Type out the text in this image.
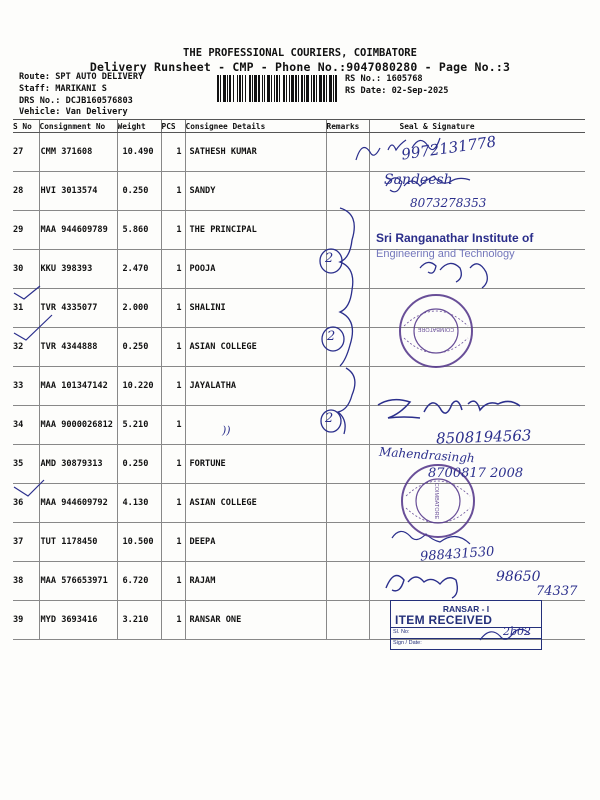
THE PROFESSIONAL COURIERS, COIMBATORE
Delivery Runsheet - CMP - Phone No.:9047080280 - Page No.:3
Route: SPT AUTO DELIVERY
Staff: MARIKANI S
DRS No.: DCJB160576803
Vehicle: Van Delivery
RS No.: 1605768
RS Date: 02-Sep-2025
S No	Consignment No	Weight	PCS	Consignee Details	Remarks	Seal & Signature
27	CMM 371608	10.490	1	SATHESH KUMAR		
28	HVI 3013574	0.250	1	SANDY		
29	MAA 944609789	5.860	1	THE PRINCIPAL		
30	KKU 398393	2.470	1	POOJA		
31	TVR 4335077	2.000	1	SHALINI		
32	TVR 4344888	0.250	1	ASIAN COLLEGE		
33	MAA 101347142	10.220	1	JAYALATHA		
34	MAA 9000026812	5.210	1			
35	AMD 30879313	0.250	1	FORTUNE		
36	MAA 944609792	4.130	1	ASIAN COLLEGE		
37	TUT 1178450	10.500	1	DEEPA		
38	MAA 576653971	6.720	1	RAJAM		
39	MYD 3693416	3.210	1	RANSAR ONE		
COIMBATORE
COIMBATORE
9972131778
Sandeesh
8073278353
2
2
2
))	8508194563
Mahendrasingh
8700817 2008
988431530
98650
74337
Sri Ranganathar Institute of
Engineering and Technology
RANSAR - I
ITEM RECEIVED
Sl. No:
Sign / Date:
2b02
